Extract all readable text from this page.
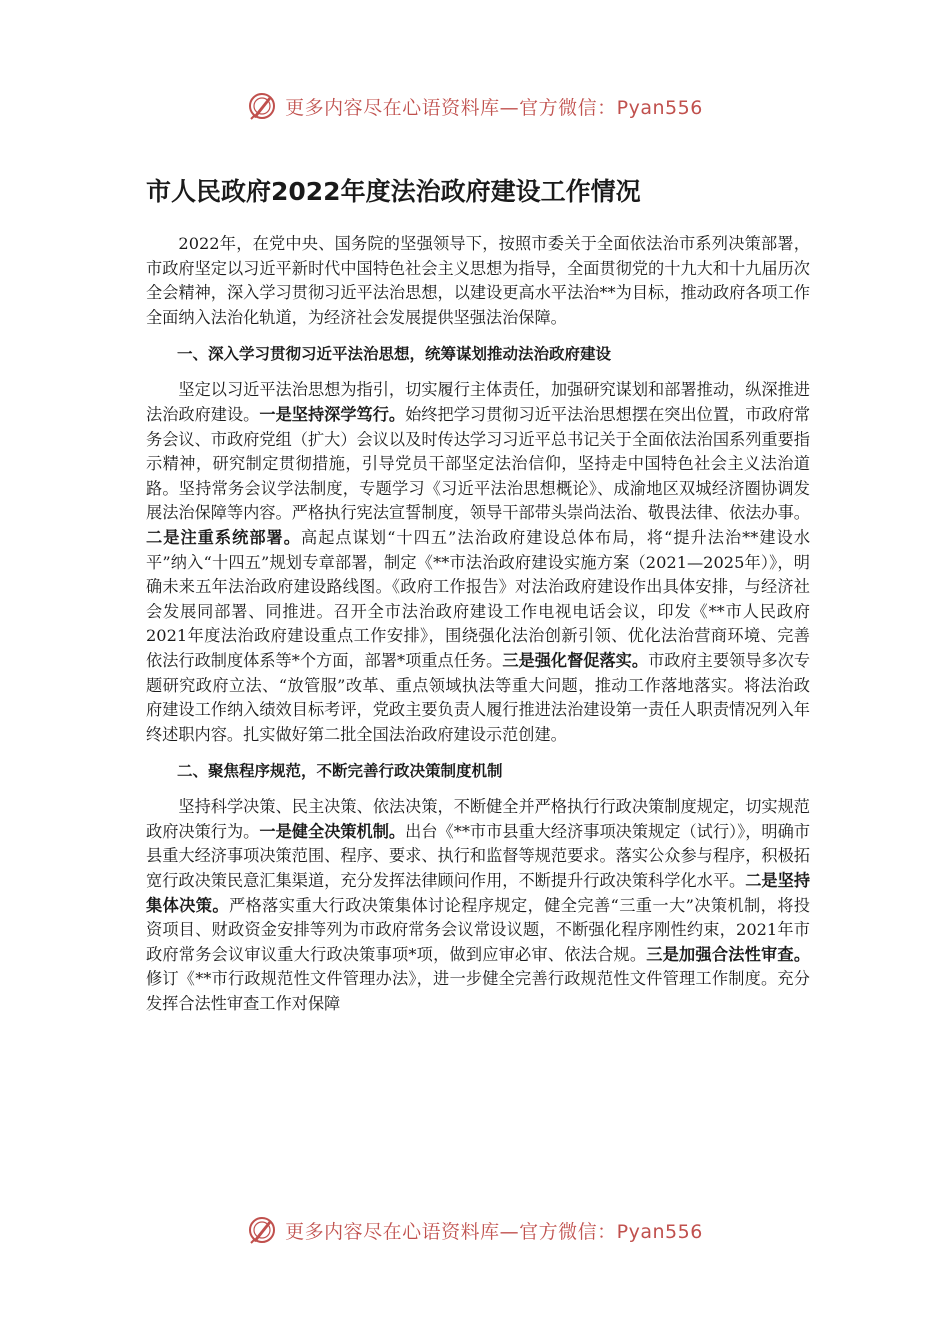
更多内容尽在心语资料库—官方微信：Pyan556
市人民政府2022年度法治政府建设工作情况

2022年，在党中央、国务院的坚强领导下，按照市委关于全面依法治市系列决策部署，市政府坚定以习近平新时代中国特色社会主义思想为指导，全面贯彻党的十九大和十九届历次全会精神，深入学习贯彻习近平法治思想，以建设更高水平法治**为目标，推动政府各项工作全面纳入法治化轨道，为经济社会发展提供坚强法治保障。

一、深入学习贯彻习近平法治思想，统筹谋划推动法治政府建设

坚定以习近平法治思想为指引，切实履行主体责任，加强研究谋划和部署推动，纵深推进法治政府建设。一是坚持深学笃行。始终把学习贯彻习近平法治思想摆在突出位置，市政府常务会议、市政府党组（扩大）会议以及时传达学习习近平总书记关于全面依法治国系列重要指示精神，研究制定贯彻措施，引导党员干部坚定法治信仰，坚持走中国特色社会主义法治道路。坚持常务会议学法制度，专题学习《习近平法治思想概论》、成渝地区双城经济圈协调发展法治保障等内容。严格执行宪法宣誓制度，领导干部带头崇尚法治、敬畏法律、依法办事。二是注重系统部署。高起点谋划“十四五”法治政府建设总体布局，将“提升法治**建设水平”纳入“十四五”规划专章部署，制定《**市法治政府建设实施方案（2021—2025年）》，明确未来五年法治政府建设路线图。《政府工作报告》对法治政府建设作出具体安排，与经济社会发展同部署、同推进。召开全市法治政府建设工作电视电话会议，印发《**市人民政府2021年度法治政府建设重点工作安排》，围绕强化法治创新引领、优化法治营商环境、完善依法行政制度体系等*个方面，部署*项重点任务。三是强化督促落实。市政府主要领导多次专题研究政府立法、“放管服”改革、重点领域执法等重大问题，推动工作落地落实。将法治政府建设工作纳入绩效目标考评，党政主要负责人履行推进法治建设第一责任人职责情况列入年终述职内容。扎实做好第二批全国法治政府建设示范创建。

二、聚焦程序规范，不断完善行政决策制度机制

坚持科学决策、民主决策、依法决策，不断健全并严格执行行政决策制度规定，切实规范政府决策行为。一是健全决策机制。出台《**市市县重大经济事项决策规定（试行）》，明确市县重大经济事项决策范围、程序、要求、执行和监督等规范要求。落实公众参与程序，积极拓宽行政决策民意汇集渠道，充分发挥法律顾问作用，不断提升行政决策科学化水平。二是坚持集体决策。严格落实重大行政决策集体讨论程序规定，健全完善“三重一大”决策机制，将投资项目、财政资金安排等列为市政府常务会议常设议题，不断强化程序刚性约束，2021年市政府常务会议审议重大行政决策事项*项，做到应审必审、依法合规。三是加强合法性审查。修订《**市行政规范性文件管理办法》，进一步健全完善行政规范性文件管理工作制度。充分发挥合法性审查工作对保障

更多内容尽在心语资料库—官方微信：Pyan556
